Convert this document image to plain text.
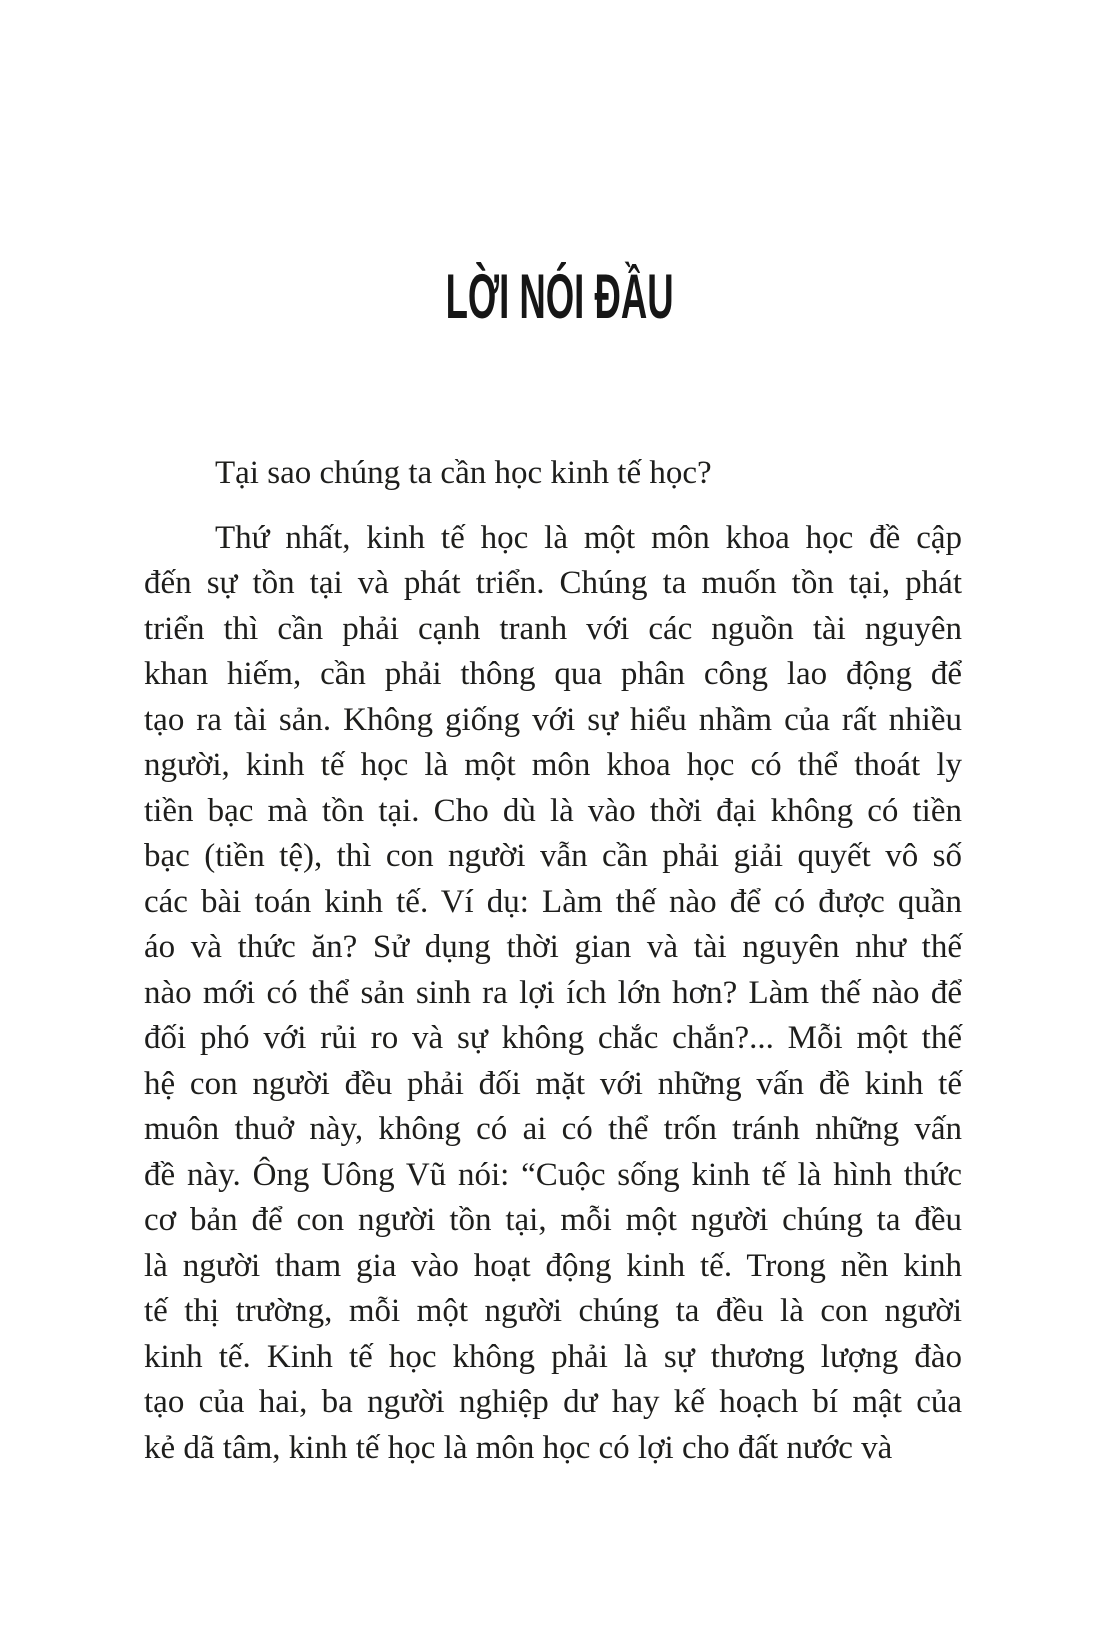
LỜI NÓI ĐẦU
Tại sao chúng ta cần học kinh tế học?
Thứ nhất, kinh tế học là một môn khoa học đề cập
đến sự tồn tại và phát triển. Chúng ta muốn tồn tại, phát
triển thì cần phải cạnh tranh với các nguồn tài nguyên
khan hiếm, cần phải thông qua phân công lao động để
tạo ra tài sản. Không giống với sự hiểu nhầm của rất nhiều
người, kinh tế học là một môn khoa học có thể thoát ly
tiền bạc mà tồn tại. Cho dù là vào thời đại không có tiền
bạc (tiền tệ), thì con người vẫn cần phải giải quyết vô số
các bài toán kinh tế. Ví dụ: Làm thế nào để có được quần
áo và thức ăn? Sử dụng thời gian và tài nguyên như thế
nào mới có thể sản sinh ra lợi ích lớn hơn? Làm thế nào để
đối phó với rủi ro và sự không chắc chắn?... Mỗi một thế
hệ con người đều phải đối mặt với những vấn đề kinh tế
muôn thuở này, không có ai có thể trốn tránh những vấn
đề này. Ông Uông Vũ nói: “Cuộc sống kinh tế là hình thức
cơ bản để con người tồn tại, mỗi một người chúng ta đều
là người tham gia vào hoạt động kinh tế. Trong nền kinh
tế thị trường, mỗi một người chúng ta đều là con người
kinh tế. Kinh tế học không phải là sự thương lượng đào
tạo của hai, ba người nghiệp dư hay kế hoạch bí mật của
kẻ dã tâm, kinh tế học là môn học có lợi cho đất nước và
